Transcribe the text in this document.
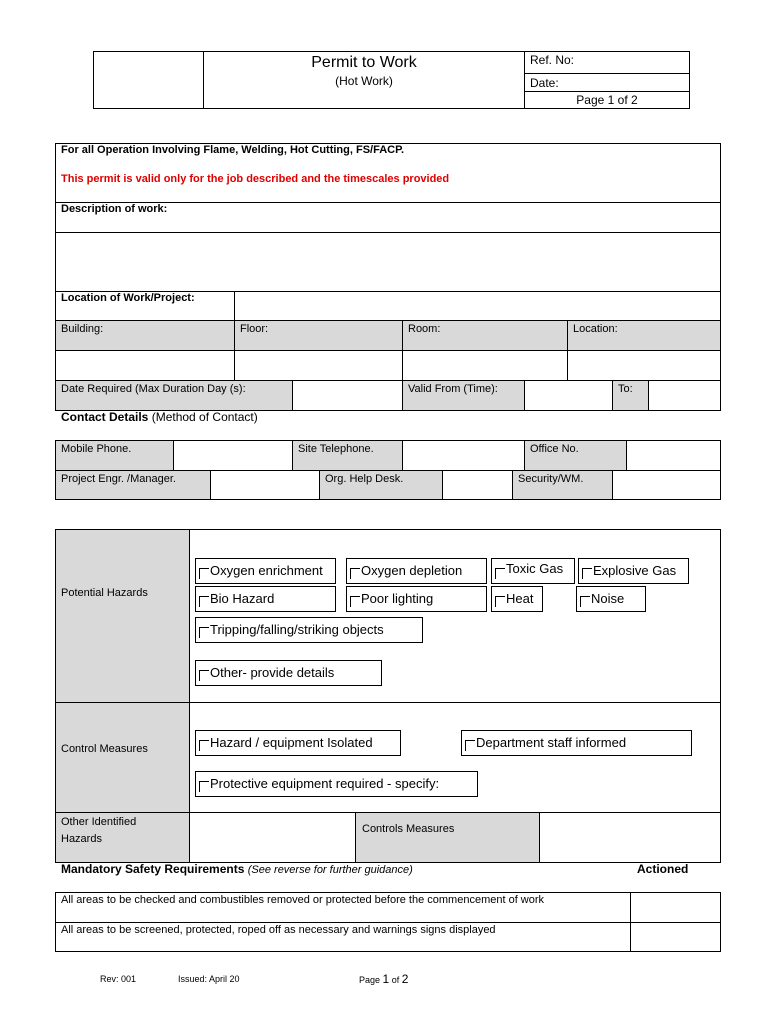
Permit to Work
(Hot Work)
Ref. No:
Date:
Page 1 of 2
For all Operation Involving Flame, Welding, Hot Cutting, FS/FACP.
This permit is valid only for the job described and the timescales provided
Description of work:
Location of Work/Project:
Building:	Floor:	Room:	Location:
Date Required (Max Duration Day (s):	Valid From (Time):	To:
Contact Details (Method of Contact)
Mobile Phone.	Site Telephone.	Office No.
Project Engr. /Manager.	Org. Help Desk.	Security/WM.
Potential Hazards
Control Measures
Other Identified Hazards
Controls Measures
Oxygen enrichment	Oxygen depletion	Toxic Gas	Explosive Gas
Bio Hazard	Poor lighting	Heat	Noise
Tripping/falling/striking objects
Other- provide details
Hazard / equipment Isolated	Department staff informed
Protective equipment required - specify:
Mandatory Safety Requirements (See reverse for further guidance)	Actioned
All areas to be checked and combustibles removed or protected before the commencement of work
All areas to be screened, protected, roped off as necessary and warnings signs displayed
Rev: 001	Issued: April 20	Page 1 of 2
